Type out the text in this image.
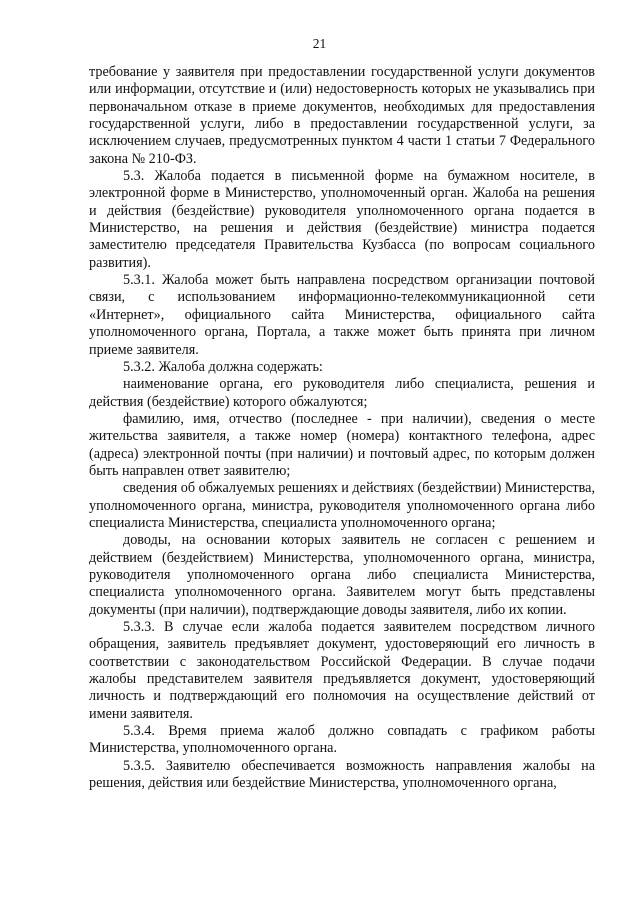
21

требование у заявителя при предоставлении государственной услуги документов или информации, отсутствие и (или) недостоверность которых не указывались при первоначальном отказе в приеме документов, необходимых для предоставления государственной услуги, либо в предоставлении государственной услуги, за исключением случаев, предусмотренных пунктом 4 части 1 статьи 7 Федерального закона № 210-ФЗ.

5.3. Жалоба подается в письменной форме на бумажном носителе, в электронной форме в Министерство, уполномоченный орган. Жалоба на решения и действия (бездействие) руководителя уполномоченного органа подается в Министерство, на решения и действия (бездействие) министра подается заместителю председателя Правительства Кузбасса (по вопросам социального развития).

5.3.1. Жалоба может быть направлена посредством организации почтовой связи, с использованием информационно-телекоммуникационной сети «Интернет», официального сайта Министерства, официального сайта уполномоченного органа, Портала, а также может быть принята при личном приеме заявителя.

5.3.2. Жалоба должна содержать:

наименование органа, его руководителя либо специалиста, решения и действия (бездействие) которого обжалуются;

фамилию, имя, отчество (последнее - при наличии), сведения о месте жительства заявителя, а также номер (номера) контактного телефона, адрес (адреса) электронной почты (при наличии) и почтовый адрес, по которым должен быть направлен ответ заявителю;

сведения об обжалуемых решениях и действиях (бездействии) Министерства, уполномоченного органа, министра, руководителя уполномоченного органа либо специалиста Министерства, специалиста уполномоченного органа;

доводы, на основании которых заявитель не согласен с решением и действием (бездействием) Министерства, уполномоченного органа, министра, руководителя уполномоченного органа либо специалиста Министерства, специалиста уполномоченного органа. Заявителем могут быть представлены документы (при наличии), подтверждающие доводы заявителя, либо их копии.

5.3.3. В случае если жалоба подается заявителем посредством личного обращения, заявитель предъявляет документ, удостоверяющий его личность в соответствии с законодательством Российской Федерации. В случае подачи жалобы представителем заявителя предъявляется документ, удостоверяющий личность и подтверждающий его полномочия на осуществление действий от имени заявителя.

5.3.4. Время приема жалоб должно совпадать с графиком работы Министерства, уполномоченного органа.

5.3.5. Заявителю обеспечивается возможность направления жалобы на решения, действия или бездействие Министерства, уполномоченного органа,
